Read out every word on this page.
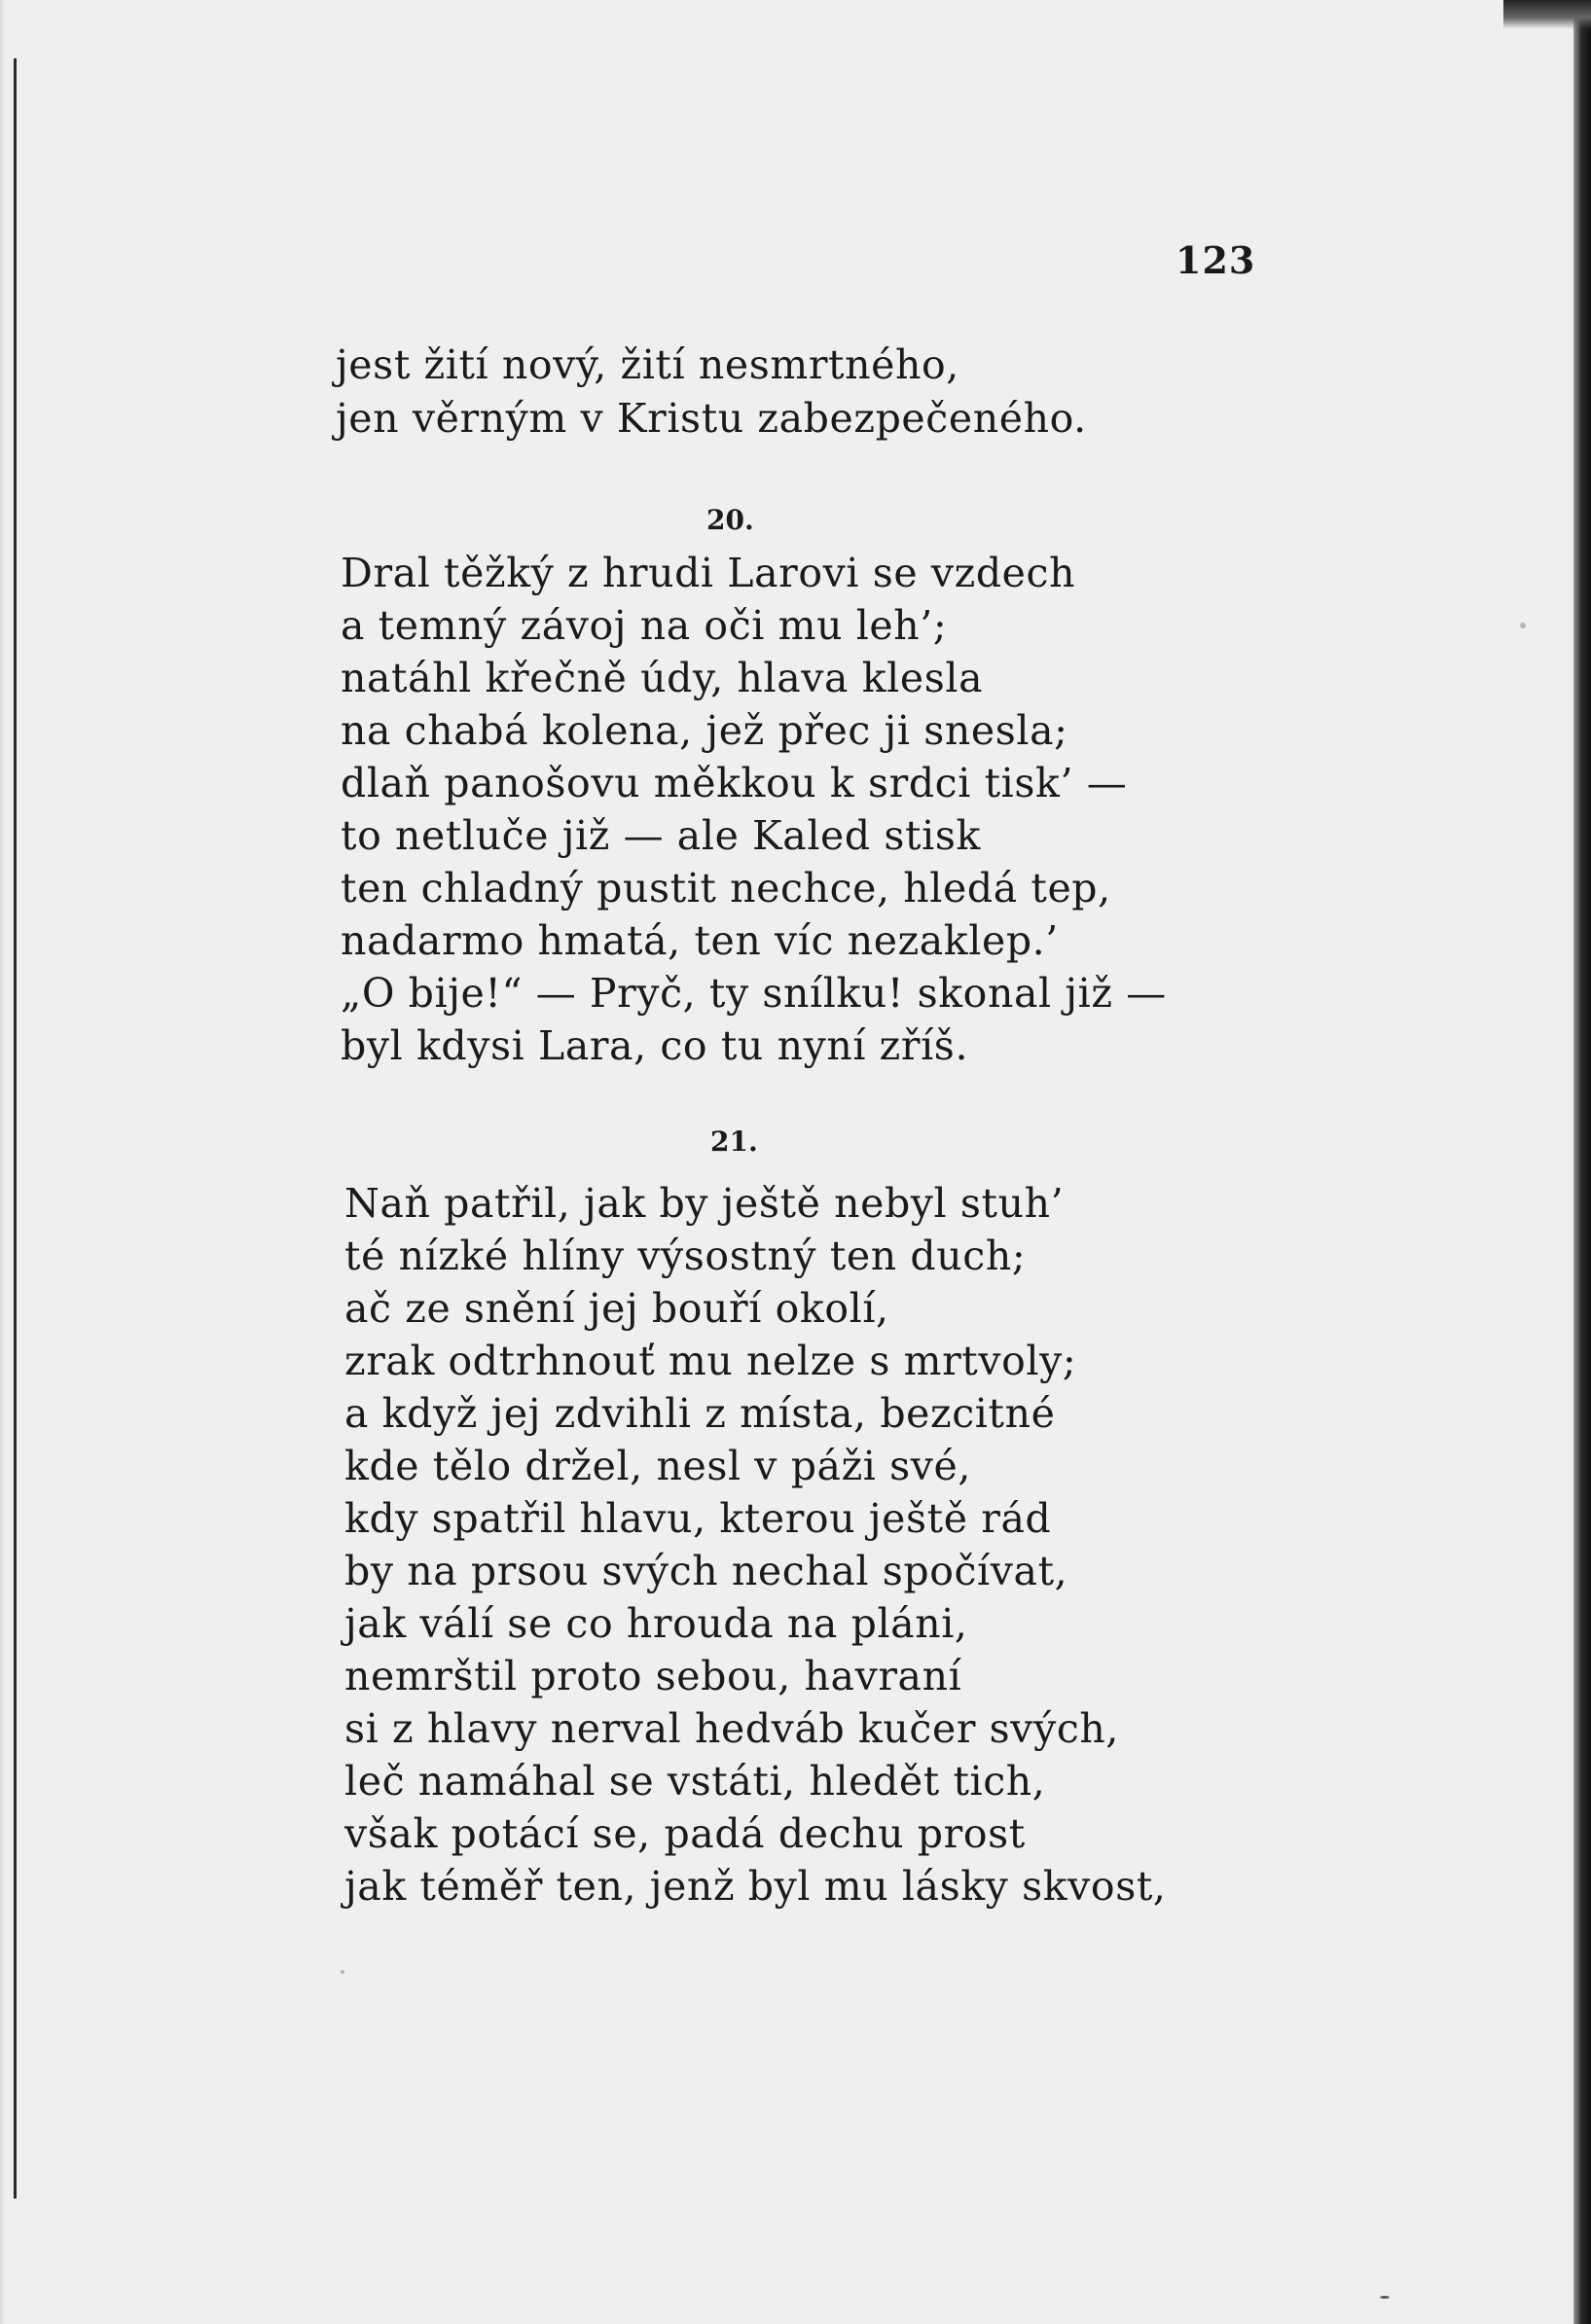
123
jest žití nový, žití nesmrtného,
jen věrným v Kristu zabezpečeného.
20.
Dral těžký z hrudi Larovi se vzdech
a temný závoj na oči mu leh’;
natáhl křečně údy, hlava klesla
na chabá kolena, jež přec ji snesla;
dlaň panošovu měkkou k srdci tisk’ —
to netluče již — ale Kaled stisk
ten chladný pustit nechce, hledá tep,
nadarmo hmatá, ten víc nezaklep.’
„O bije!“ — Pryč, ty snílku! skonal již —
byl kdysi Lara, co tu nyní zříš.
21.
Naň patřil, jak by ještě nebyl stuh’
té nízké hlíny výsostný ten duch;
ač ze snění jej bouří okolí,
zrak odtrhnouť mu nelze s mrtvoly;
a když jej zdvihli z místa, bezcitné
kde tělo držel, nesl v páži své,
kdy spatřil hlavu, kterou ještě rád
by na prsou svých nechal spočívat,
jak válí se co hrouda na pláni,
nemrštil proto sebou, havraní
si z hlavy nerval hedváb kučer svých,
leč namáhal se vstáti, hledět tich,
však potácí se, padá dechu prost
jak téměř ten, jenž byl mu lásky skvost,
